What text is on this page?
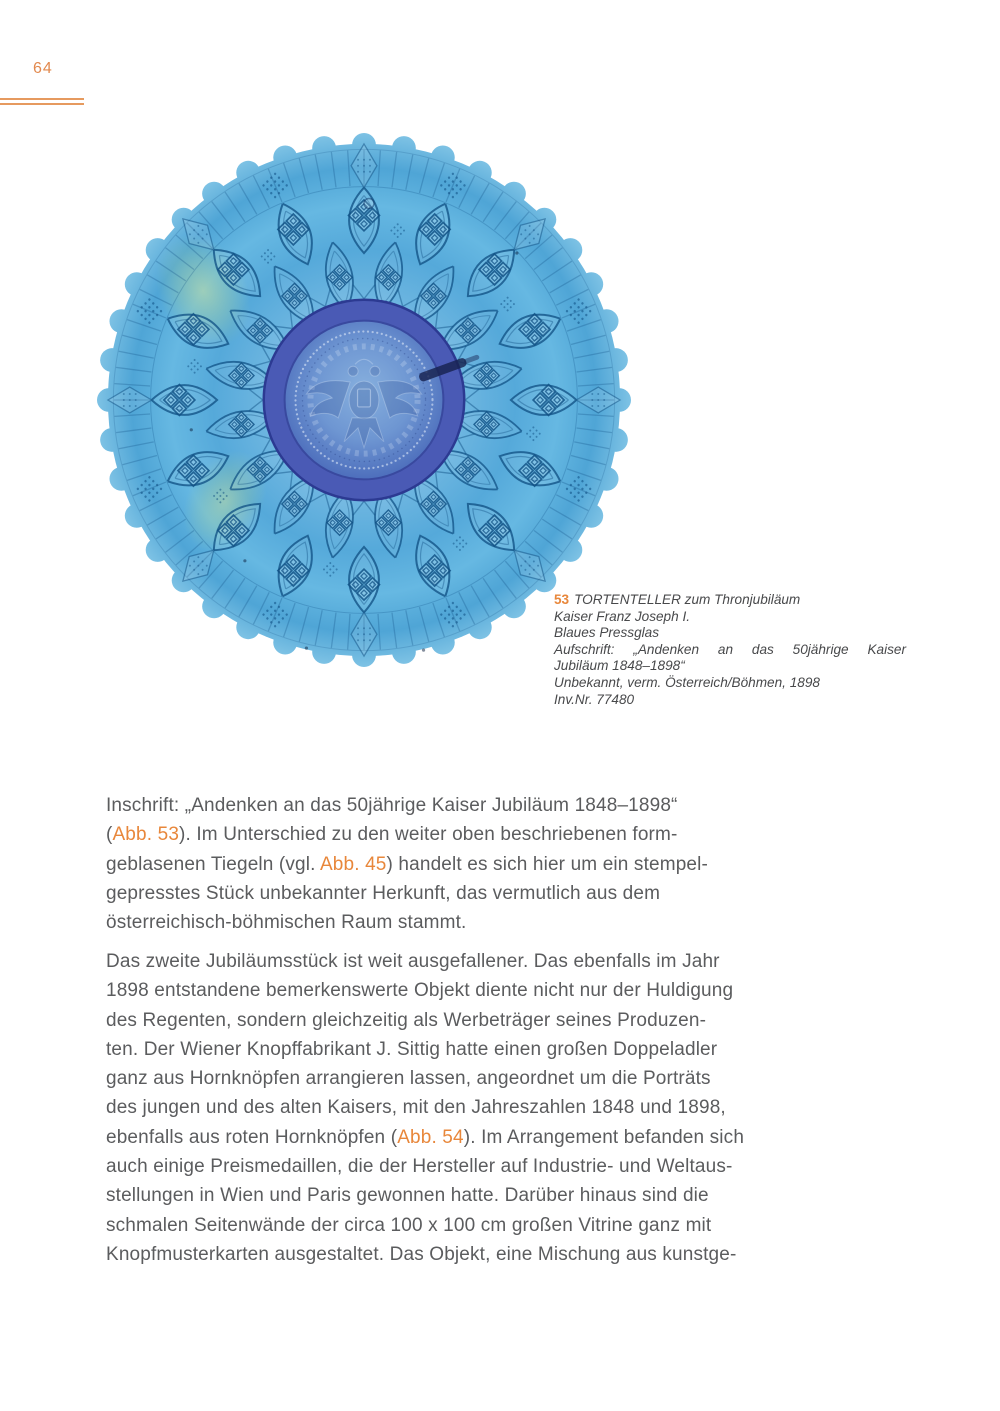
64
53 TORTENTELLER zum Thronjubiläum
Kaiser Franz Joseph I.
Blaues Pressglas
Aufschrift: „Andenken an das 50jährige Kaiser
Jubiläum 1848–1898“
Unbekannt, verm. Österreich/Böhmen, 1898
Inv.Nr. 77480
Inschrift: „Andenken an das 50jährige Kaiser Jubiläum 1848–1898“
(Abb. 53). Im Unterschied zu den weiter oben beschriebenen form-
geblasenen Tiegeln (vgl. Abb. 45) handelt es sich hier um ein stempel-
gepresstes Stück unbekannter Herkunft, das vermutlich aus dem
österreichisch-böhmischen Raum stammt.
Das zweite Jubiläumsstück ist weit ausgefallener. Das ebenfalls im Jahr
1898 entstandene bemerkenswerte Objekt diente nicht nur der Huldigung
des Regenten, sondern gleichzeitig als Werbeträger seines Produzen-
ten. Der Wiener Knopffabrikant J. Sittig hatte einen großen Doppeladler
ganz aus Hornknöpfen arrangieren lassen, angeordnet um die Porträts
des jungen und des alten Kaisers, mit den Jahreszahlen 1848 und 1898,
ebenfalls aus roten Hornknöpfen (Abb. 54). Im Arrangement befanden sich
auch einige Preismedaillen, die der Hersteller auf Industrie- und Weltaus-
stellungen in Wien und Paris gewonnen hatte. Darüber hinaus sind die
schmalen Seitenwände der circa 100 x 100 cm großen Vitrine ganz mit
Knopfmusterkarten ausgestaltet. Das Objekt, eine Mischung aus kunstge-
